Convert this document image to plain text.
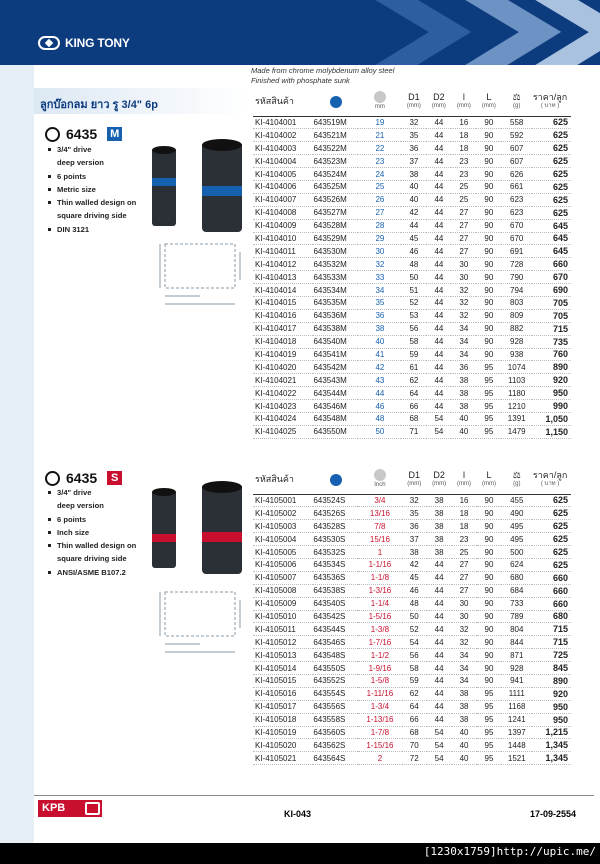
KING TONY
Made from chrome molybdenum alloy steel
Finished with phosphate sunk
ลูกบ๊อกลม ยาว รู 3/4" 6p
6435 M
3/4" drive
deep version
6 points
Metric size
Thin walled design on
square driving side
DIN 3121
รหัสสินค้า		mm	D1
(mm)	D2
(mm)	l
(mm)	L
(mm)	⚖
(g)	ราคา/ลูก
( บาท )

KI-4104001	643519M	19	32	44	16	90	558	625
KI-4104002	643521M	21	35	44	18	90	592	625
KI-4104003	643522M	22	36	44	18	90	607	625
KI-4104004	643523M	23	37	44	23	90	607	625
KI-4104005	643524M	24	38	44	23	90	626	625
KI-4104006	643525M	25	40	44	25	90	661	625
KI-4104007	643526M	26	40	44	25	90	623	625
KI-4104008	643527M	27	42	44	27	90	623	625
KI-4104009	643528M	28	44	44	27	90	670	645
KI-4104010	643529M	29	45	44	27	90	670	645
KI-4104011	643530M	30	46	44	27	90	691	645
KI-4104012	643532M	32	48	44	30	90	728	660
KI-4104013	643533M	33	50	44	30	90	790	670
KI-4104014	643534M	34	51	44	32	90	794	690
KI-4104015	643535M	35	52	44	32	90	803	705
KI-4104016	643536M	36	53	44	32	90	809	705
KI-4104017	643538M	38	56	44	34	90	882	715
KI-4104018	643540M	40	58	44	34	90	928	735
KI-4104019	643541M	41	59	44	34	90	938	760
KI-4104020	643542M	42	61	44	36	95	1074	890
KI-4104021	643543M	43	62	44	38	95	1103	920
KI-4104022	643544M	44	64	44	38	95	1180	950
KI-4104023	643546M	46	66	44	38	95	1210	990
KI-4104024	643548M	48	68	54	40	95	1391	1,050
KI-4104025	643550M	50	71	54	40	95	1479	1,150
6435	S
3/4" drive
deep version
6 points
Inch size
Thin walled design on
square driving side
ANSI/ASME B107.2
รหัสสินค้า		Inch	D1
(mm)	D2
(mm)	l
(mm)	L
(mm)	⚖
(g)	ราคา/ลูก
( บาท )

KI-4105001	643524S	3/4	32	38	16	90	455	625
KI-4105002	643526S	13/16	35	38	18	90	490	625
KI-4105003	643528S	7/8	36	38	18	90	495	625
KI-4105004	643530S	15/16	37	38	23	90	495	625
KI-4105005	643532S	1	38	38	25	90	500	625
KI-4105006	643534S	1-1/16	42	44	27	90	624	625
KI-4105007	643536S	1-1/8	45	44	27	90	680	660
KI-4105008	643538S	1-3/16	46	44	27	90	684	660
KI-4105009	643540S	1-1/4	48	44	30	90	733	660
KI-4105010	643542S	1-5/16	50	44	30	90	789	680
KI-4105011	643544S	1-3/8	52	44	32	90	804	715
KI-4105012	643546S	1-7/16	54	44	32	90	844	715
KI-4105013	643548S	1-1/2	56	44	34	90	871	725
KI-4105014	643550S	1-9/16	58	44	34	90	928	845
KI-4105015	643552S	1-5/8	59	44	34	90	941	890
KI-4105016	643554S	1-11/16	62	44	38	95	1111	920
KI-4105017	643556S	1-3/4	64	44	38	95	1168	950
KI-4105018	643558S	1-13/16	66	44	38	95	1241	950
KI-4105019	643560S	1-7/8	68	54	40	95	1397	1,215
KI-4105020	643562S	1-15/16	70	54	40	95	1448	1,345
KI-4105021	643564S	2	72	54	40	95	1521	1,345
KPB	KI-043	17-09-2554
[1230x1759]http://upic.me/
